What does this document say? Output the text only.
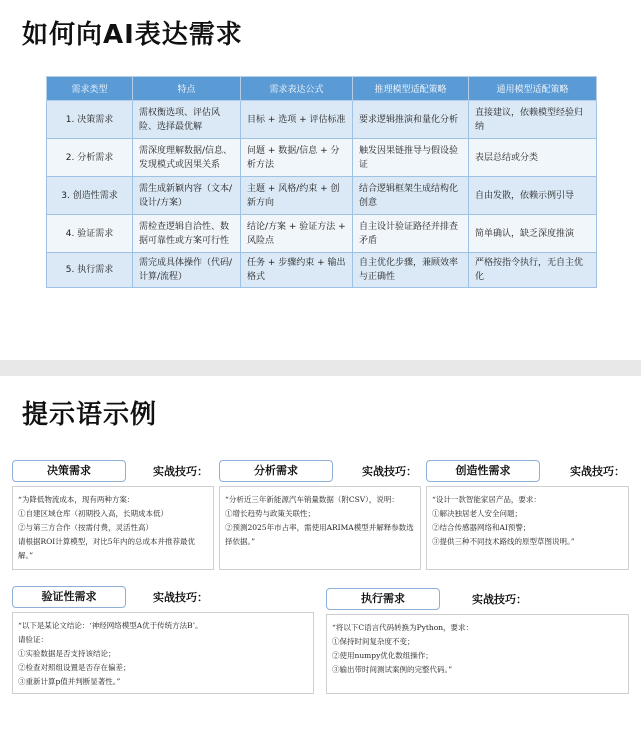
如何向AI表达需求
需求类型	特点	需求表达公式	推理模型适配策略	通用模型适配策略
1. 决策需求	需权衡选项、评估风险、选择最优解	目标 + 选项 + 评估标准	要求逻辑推演和量化分析	直接建议，依赖模型经验归纳
2. 分析需求	需深度理解数据/信息、发现模式或因果关系	问题 + 数据/信息 + 分析方法	触发因果链推导与假设验证	表层总结或分类
3. 创造性需求	需生成新颖内容（文本/设计/方案）	主题 + 风格/约束 + 创新方向	结合逻辑框架生成结构化创意	自由发散，依赖示例引导
4. 验证需求	需检查逻辑自洽性、数据可靠性或方案可行性	结论/方案 + 验证方法 + 风险点	自主设计验证路径并排查矛盾	简单确认，缺乏深度推演
5. 执行需求	需完成具体操作（代码/计算/流程）	任务 + 步骤约束 + 输出格式	自主优化步骤，兼顾效率与正确性	严格按指令执行，无自主优化
提示语示例
决策需求	实战技巧：
“为降低物流成本，现有两种方案：
①自建区域仓库（初期投入高，长期成本低）
②与第三方合作（按需付费，灵活性高）
请根据ROI计算模型，对比5年内的总成本并推荐最优解。”
分析需求	实战技巧：
“分析近三年新能源汽车销量数据（附CSV），说明：
①增长趋势与政策关联性；
②预测2025年市占率，需使用ARIMA模型并解释参数选择依据。”
创造性需求	实战技巧：
“设计一款智能家居产品，要求：
①解决独居老人安全问题；
②结合传感器网络和AI预警；
③提供三种不同技术路线的原型草图说明。”
验证性需求	实战技巧：
“以下是某论文结论：‘神经网络模型A优于传统方法B’。
请验证：
①实验数据是否支持该结论；
②检查对照组设置是否存在偏差；
③重新计算p值并判断显著性。”
执行需求	实战技巧：
“将以下C语言代码转换为Python，要求：
①保持时间复杂度不变；
②使用numpy优化数组操作；
③输出带时间测试案例的完整代码。”
